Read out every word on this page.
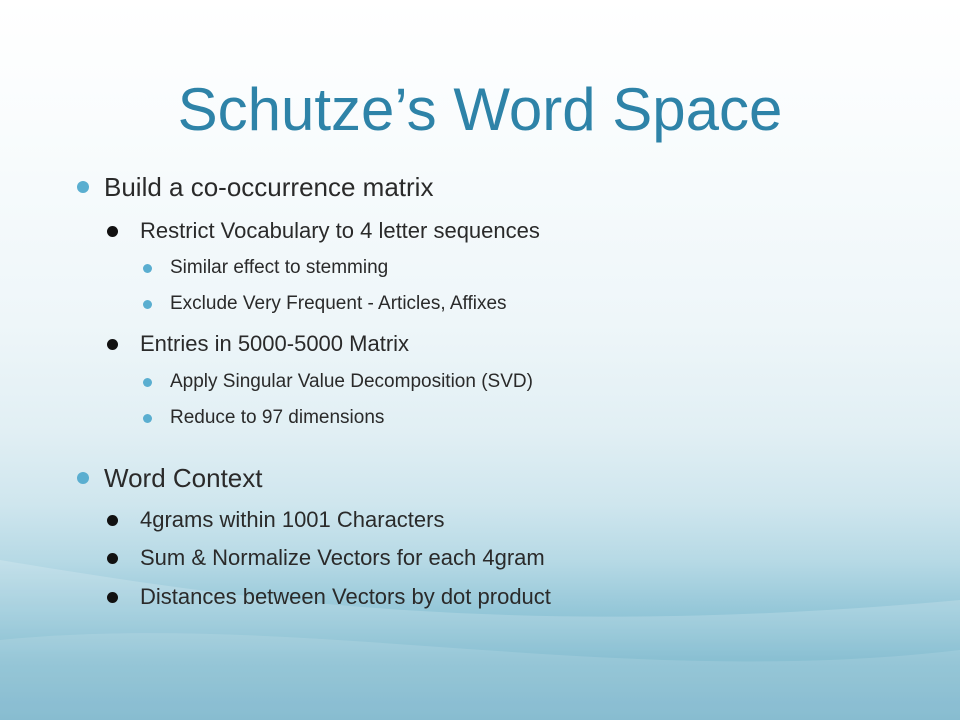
Schutze’s Word Space
Build a co-occurrence matrix
Restrict Vocabulary to 4 letter sequences
Similar effect to stemming
Exclude Very Frequent - Articles, Affixes
Entries in 5000-5000 Matrix
Apply Singular Value Decomposition (SVD)
Reduce to 97 dimensions
Word Context
4grams within 1001 Characters
Sum & Normalize Vectors for each 4gram
Distances between Vectors by dot product
